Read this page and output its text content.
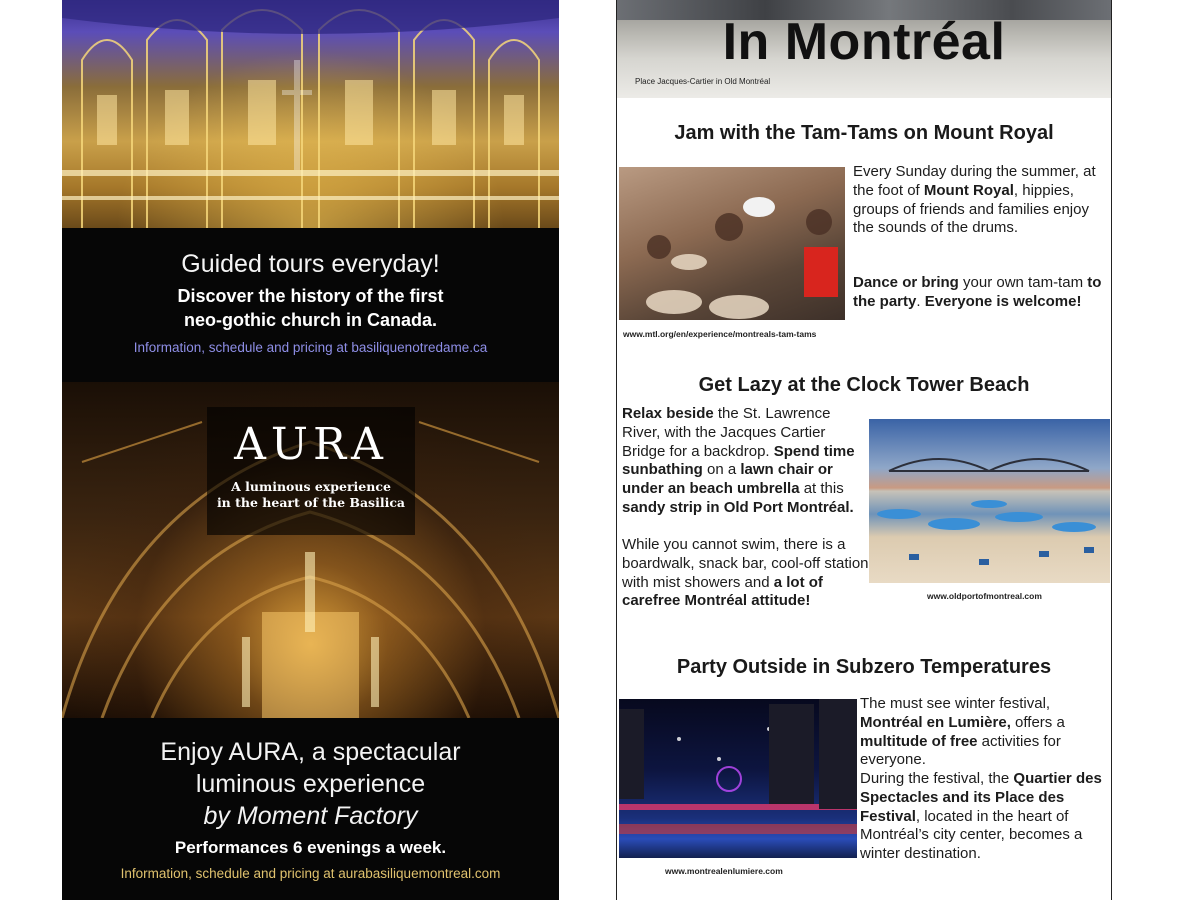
Guided tours everyday!
Discover the history of the first
neo-gothic church in Canada.
Information, schedule and pricing at basiliquenotredame.ca
AURA
A luminous experience
in the heart of the Basilica
Enjoy AURA, a spectacular
luminous experience
by Moment Factory
Performances 6 evenings a week.
Information, schedule and pricing at aurabasiliquemontreal.com
In Montréal
Place Jacques-Cartier in Old Montréal
Jam with the Tam-Tams on Mount Royal
Every Sunday during the summer, at the foot of Mount Royal, hippies, groups of friends and families enjoy the sounds of the drums.
Dance or bring your own tam-tam to the party. Everyone is welcome!
www.mtl.org/en/experience/montreals-tam-tams
Get Lazy at the Clock Tower Beach
Relax beside the St. Lawrence River, with the Jacques Cartier Bridge for a backdrop. Spend time sunbathing on a lawn chair or under an beach umbrella at this sandy strip in Old Port Montréal.
While you cannot swim, there is a boardwalk, snack bar, cool-off station with mist showers and a lot of carefree Montréal attitude!	www.oldportofmontreal.com
Party Outside in Subzero Temperatures
The must see winter festival, Montréal en Lumière, offers a multitude of free activities for everyone.
During the festival, the Quartier des Spectacles and its Place des Festival, located in the heart of Montréal’s city center, becomes a winter destination.
www.montrealenlumiere.com
